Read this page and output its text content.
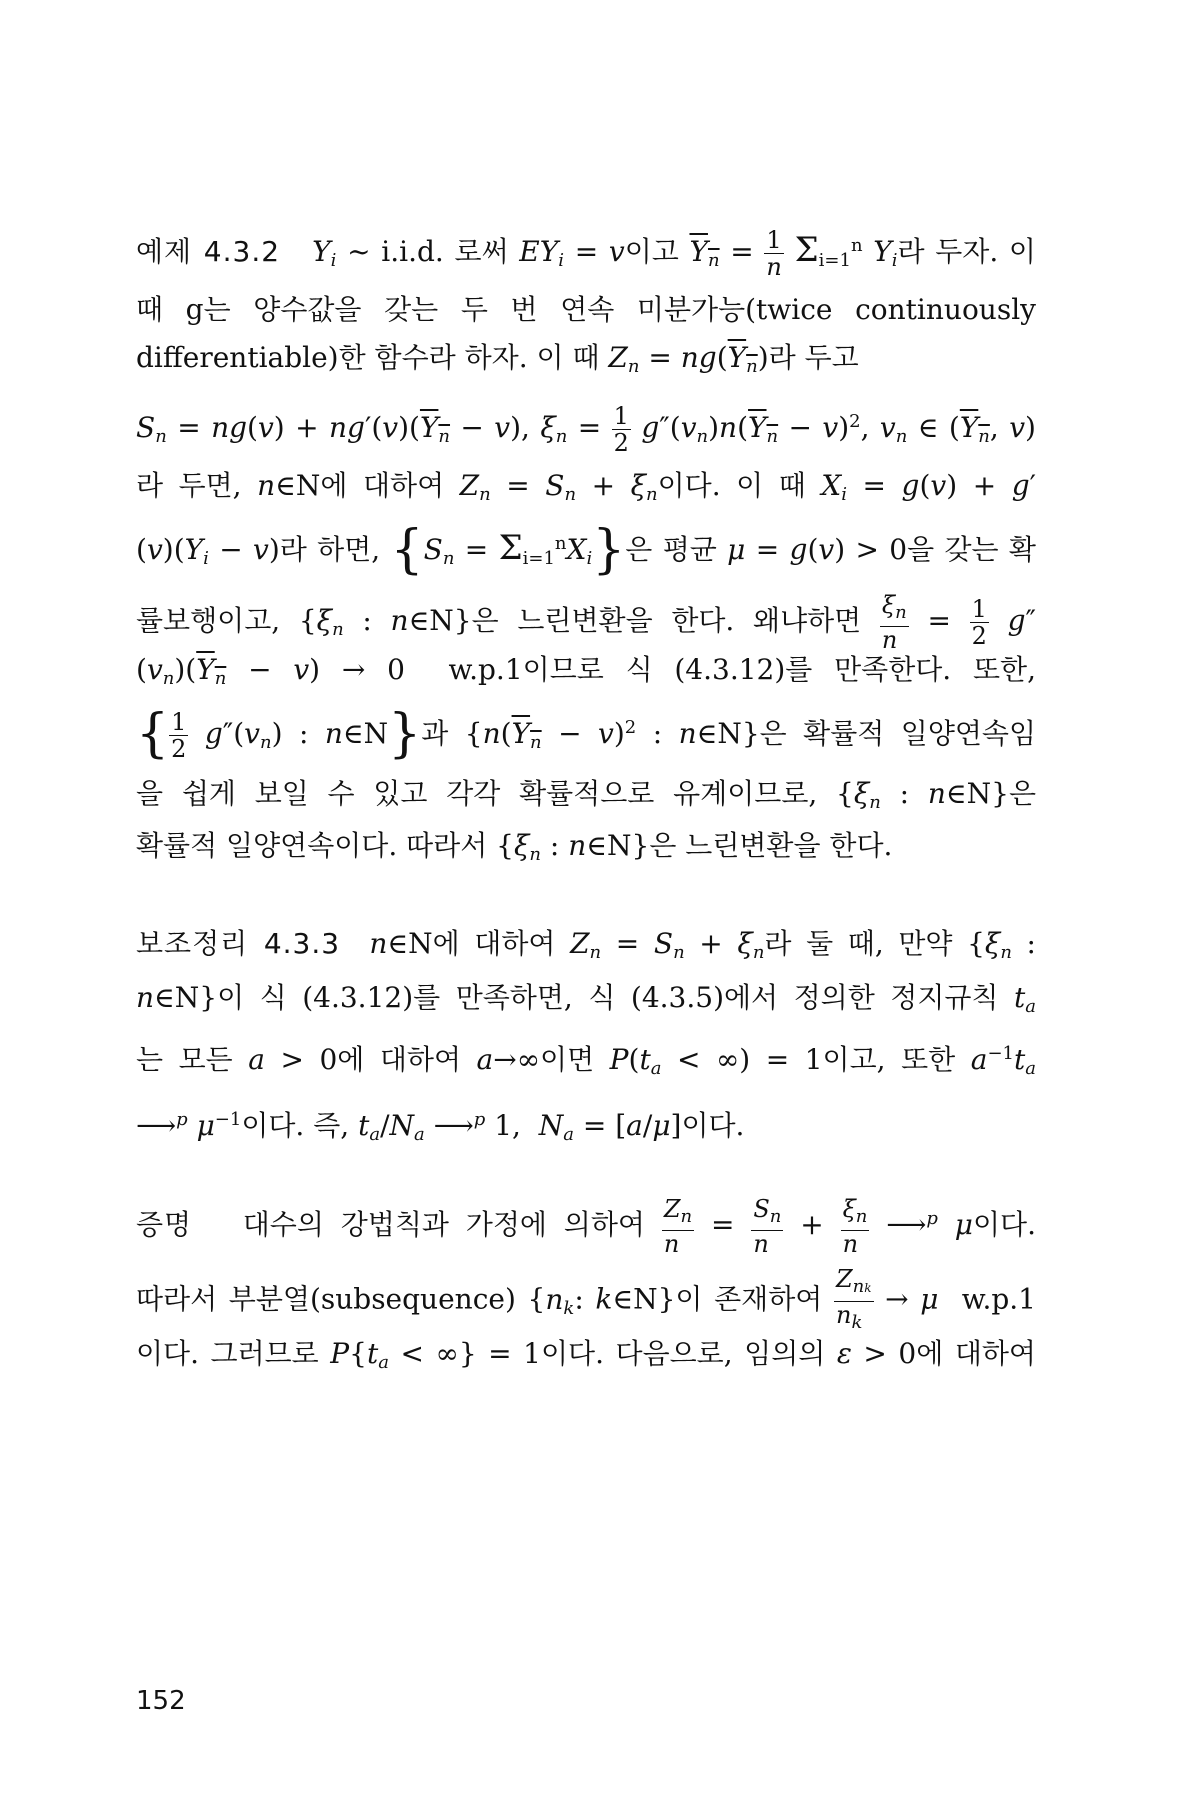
예제 4.3.2   $Y_i$ ~ i.i.d. 로써 $EY_i = v$이고 $Y_n = \frac{1}{n} \Sigma_{i=1}^n$ $Y_i$라 두자. 이
때 g는 양수값을 갖는 두 번 연속 미분가능(twice continuously
differentiable)한 함수라 하자. 이 때 $Z_n = ng(Y_n)$라 두고
$S_n = ng(v) + ng'(v)(Y_n - v)$, $\xi_n = \frac{1}{2} g''(v_n)n(Y_n - v)^2$, $v_n$ ∈ ($Y_n$, v)
라 두면, n∈N에 대하여 $Z_n = S_n + \xi_n$이다. 이 때 $X_i = g(v) + g'$
$(v)(Y_i - v)$라 하면, $\{S_n = \Sigma_{i=1}^nX_i\}$은 평균 μ = g(v) > 0을 갖는 확
률보행이고, {$\xi_n$ : n∈N}은 느린변환을 한다. 왜냐하면 $\frac{\xi_n}{n} = \frac{1}{2} g''$
$(v_n)(Y_n - v) \to 0$  w.p.1이므로 식 (4.3.12)를 만족한다. 또한,
{ $\frac{1}{2} g''(v_n)$ : n∈N}과 {$n(Y_n - v)^2$ : n∈N}은 확률적 일양연속임
을 쉽게 보일 수 있고 각각 확률적으로 유계이므로, {$\xi_n$ : n∈N}은
확률적 일양연속이다. 따라서 {$\xi_n$ : n∈N}은 느린변환을 한다.
보조정리 4.3.3 n∈N에 대하여 $Z_n = S_n + \xi_n$라 둘 때, 만약 {$\xi_n$ :
n∈N}이 식 (4.3.12)를 만족하면, 식 (4.3.5)에서 정의한 정지규칙 $t_a$
는 모든 a > 0에 대하여 a→∞이면 $P(t_a$ < ∞) = 1이고, 또한 $a^{-1}t_a$
⟶$^p$ $\mu^{-1}$이다. 즉, $t_a/N_a$ ⟶$^p$ 1,  $N_a = [a/\mu]$이다.
증명   대수의 강법칙과 가정에 의하여 $\frac{Z_n}{n} = \frac{S_n}{n} + \frac{\xi_n}{n}$ ⟶$^p$ μ이다.
따라서 부분열(subsequence) {$n_k$: k∈N}이 존재하여 $\frac{Z_{nk}}{n_k} \to \mu$  w.p.1
이다. 그러므로 $P\{t_a$ < ∞} = 1이다. 다음으로, 임의의 ε > 0에 대하여
152
